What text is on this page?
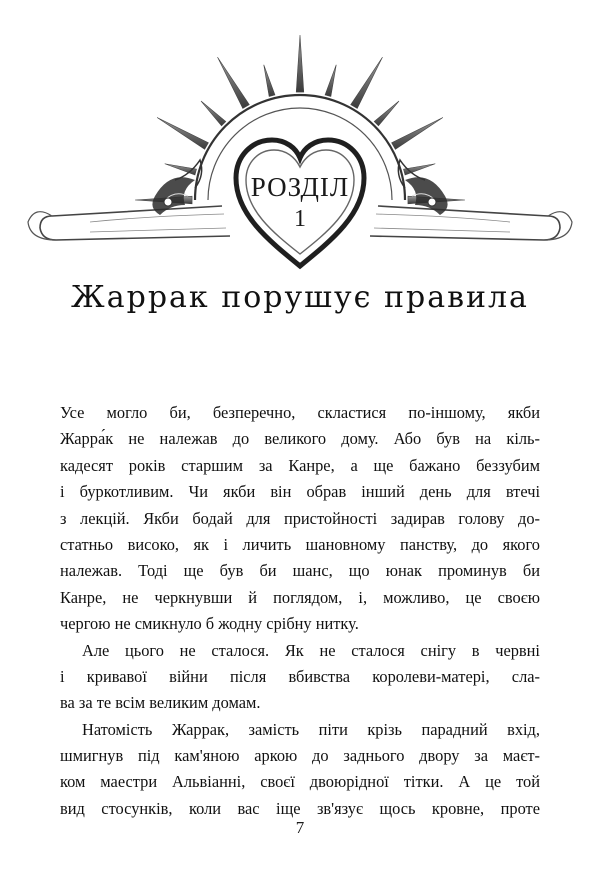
РОЗДІЛ
1
Жаррак порушує правила
Усе могло би, безперечно, скластися по-іншому, якби
Жарра́к не належав до великого дому. Або був на кіль-
кадесят років старшим за Канре, а ще бажано беззубим
і буркотливим. Чи якби він обрав інший день для втечі
з лекцій. Якби бодай для пристойності задирав голову до-
статньо високо, як і личить шановному панству, до якого
належав. Тоді ще був би шанс, що юнак проминув би
Канре, не черкнувши й поглядом, і, можливо, це своєю
чергою не смикнуло б жодну срібну нитку.
Але цього не сталося. Як не сталося снігу в червні
і кривавої війни після вбивства королеви-матері, сла-
ва за те всім великим домам.
Натомість Жаррак, замість піти крізь парадний вхід,
шмигнув під кам'яною аркою до заднього двору за маєт-
ком маестри Альвіанні, своєї двоюрідної тітки. А це той
вид стосунків, коли вас іще зв'язує щось кровне, проте
7
